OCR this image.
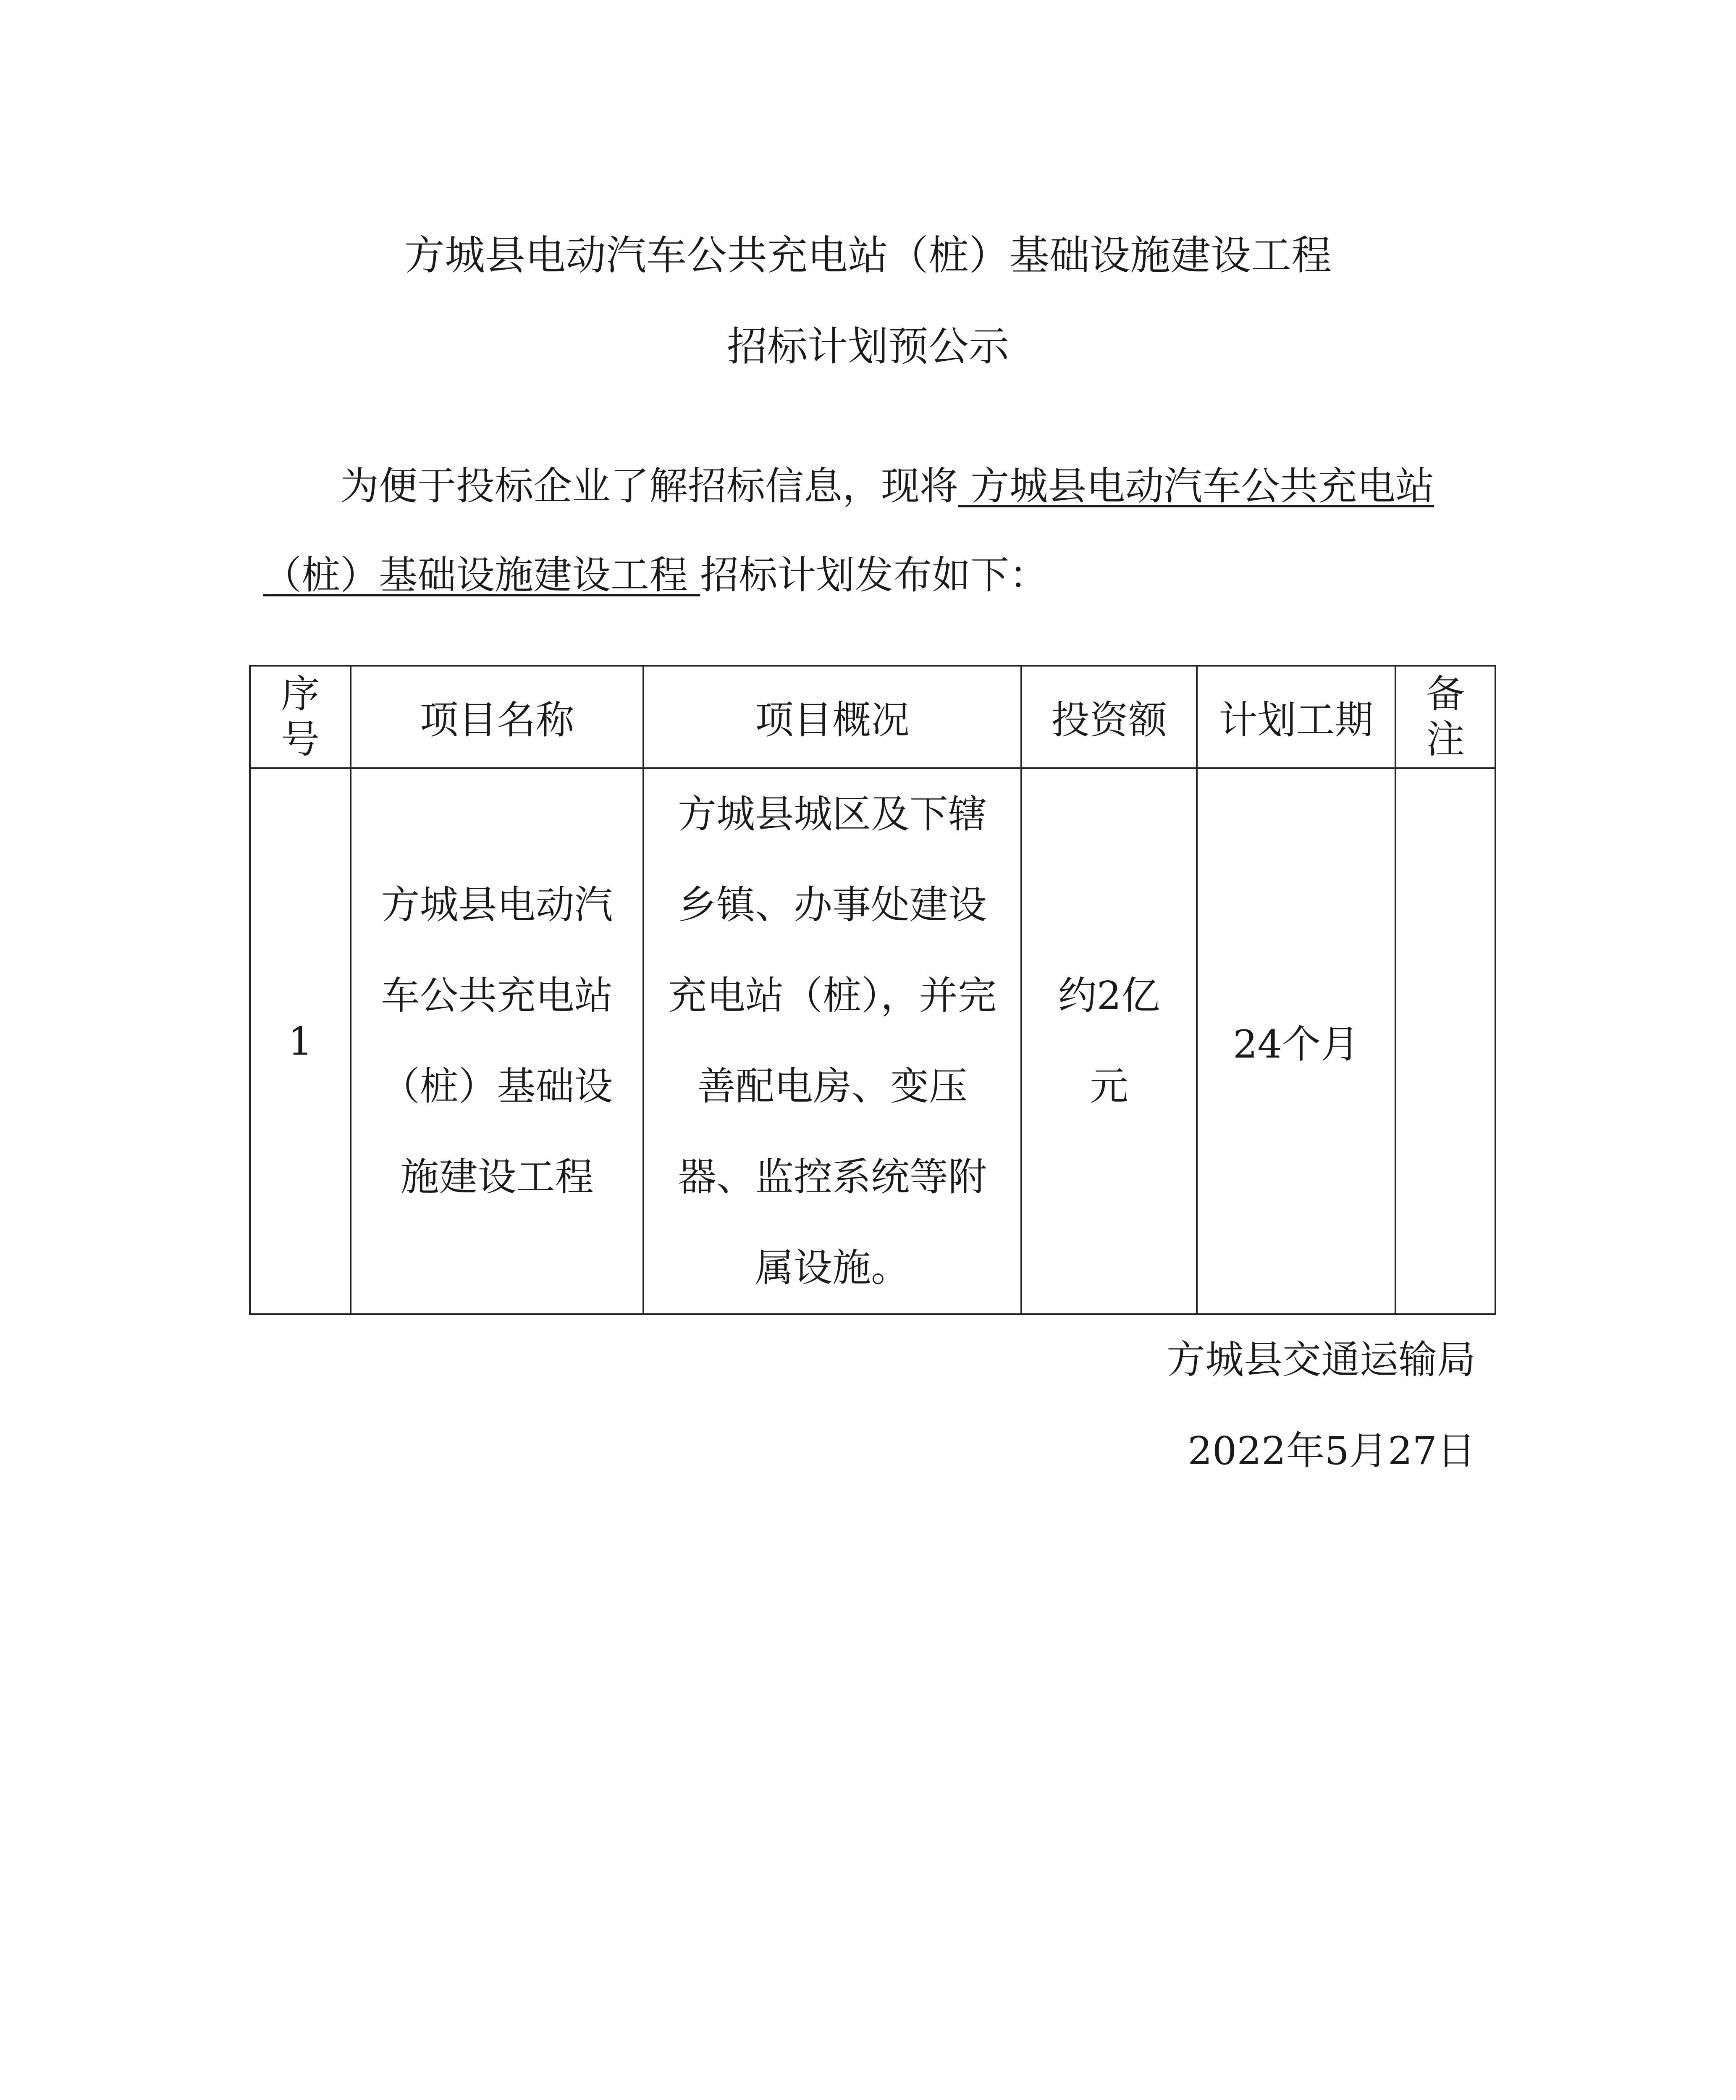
方城县电动汽车公共充电站（桩）基础设施建设工程
招标计划预公示

为便于投标企业了解招标信息，现将 方城县电动汽车公共充电站（桩）基础设施建设工程 招标计划发布如下：

序号	项目名称	项目概况	投资额	计划工期	备注
1	方城县电动汽车公共充电站（桩）基础设施建设工程	方城县城区及下辖乡镇、办事处建设充电站（桩），并完善配电房、变压器、监控系统等附属设施。	约2亿元	24个月	
方城县交通运输局
2022年5月27日
